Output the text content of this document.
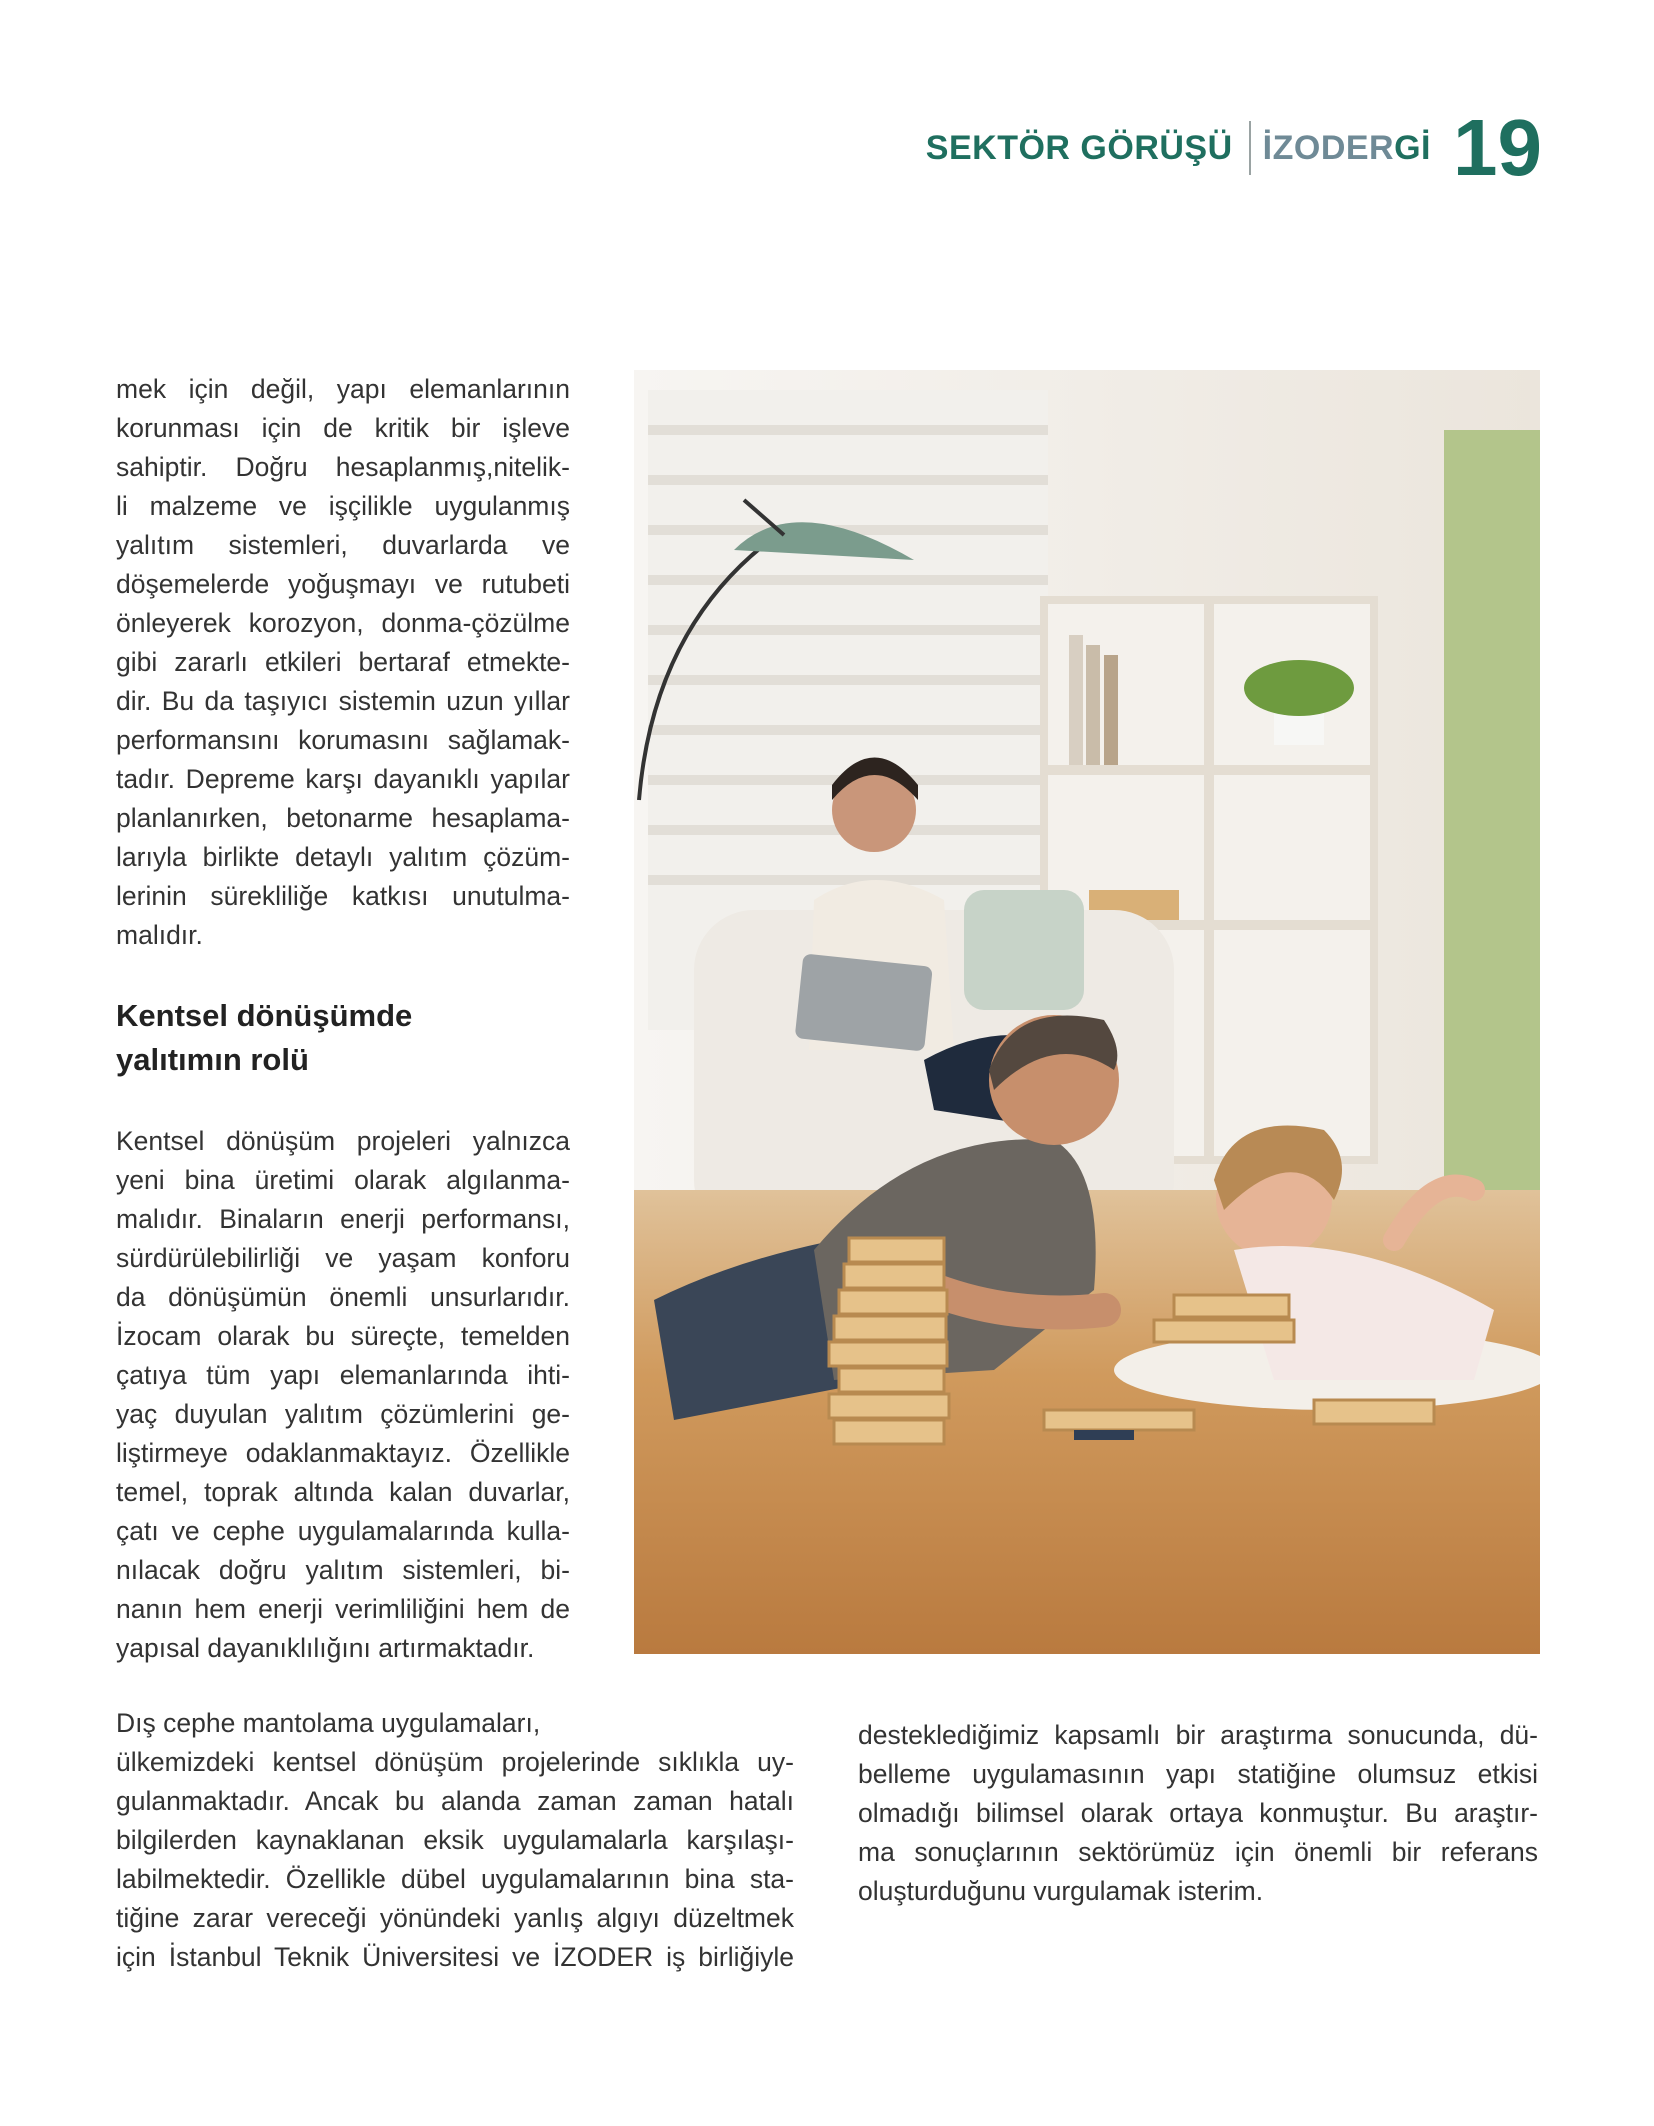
SEKTÖR GÖRÜŞÜ İZODERGİ 19
mek için değil, yapı elemanlarının
korunması için de kritik bir işleve
sahiptir. Doğru hesaplanmış,nitelik-
li malzeme ve işçilikle uygulanmış
yalıtım sistemleri, duvarlarda ve
döşemelerde yoğuşmayı ve rutubeti
önleyerek korozyon, donma-çözülme
gibi zararlı etkileri bertaraf etmekte-
dir. Bu da taşıyıcı sistemin uzun yıllar
performansını korumasını sağlamak-
tadır. Depreme karşı dayanıklı yapılar
planlanırken, betonarme hesaplama-
larıyla birlikte detaylı yalıtım çözüm-
lerinin sürekliliğe katkısı unutulma-
malıdır.
Kentsel dönüşümde
yalıtımın rolü
Kentsel dönüşüm projeleri yalnızca
yeni bina üretimi olarak algılanma-
malıdır. Binaların enerji performansı,
sürdürülebilirliği ve yaşam konforu
da dönüşümün önemli unsurlarıdır.
İzocam olarak bu süreçte, temelden
çatıya tüm yapı elemanlarında ihti-
yaç duyulan yalıtım çözümlerini ge-
liştirmeye odaklanmaktayız. Özellikle
temel, toprak altında kalan duvarlar,
çatı ve cephe uygulamalarında kulla-
nılacak doğru yalıtım sistemleri, bi-
nanın hem enerji verimliliğini hem de
yapısal dayanıklılığını artırmaktadır.
Dış cephe mantolama uygulamaları,
ülkemizdeki kentsel dönüşüm projelerinde sıklıkla uy-
gulanmaktadır. Ancak bu alanda zaman zaman hatalı
bilgilerden kaynaklanan eksik uygulamalarla karşılaşı-
labilmektedir. Özellikle dübel uygulamalarının bina sta-
tiğine zarar vereceği yönündeki yanlış algıyı düzeltmek
için İstanbul Teknik Üniversitesi ve İZODER iş birliğiyle
desteklediğimiz kapsamlı bir araştırma sonucunda, dü-
belleme uygulamasının yapı statiğine olumsuz etkisi
olmadığı bilimsel olarak ortaya konmuştur. Bu araştır-
ma sonuçlarının sektörümüz için önemli bir referans
oluşturduğunu vurgulamak isterim.
